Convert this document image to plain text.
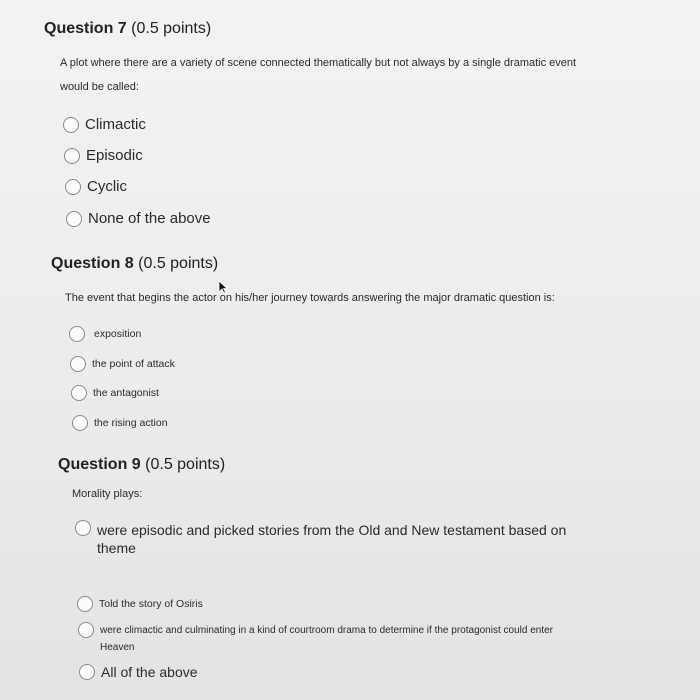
Question 7 (0.5 points)
A plot where there are a variety of scene connected thematically but not always by a single dramatic event
would be called:
Climactic
Episodic
Cyclic
None of the above
Question 8 (0.5 points)
The event that begins the actor on his/her journey towards answering the major dramatic question is:
exposition
the point of attack
the antagonist
the rising action
Question 9 (0.5 points)
Morality plays:
were episodic and picked stories from the Old and New testament based on
theme
Told the story of Osiris
were climactic and culminating in a kind of courtroom drama to determine if the protagonist could enter
Heaven
All of the above
